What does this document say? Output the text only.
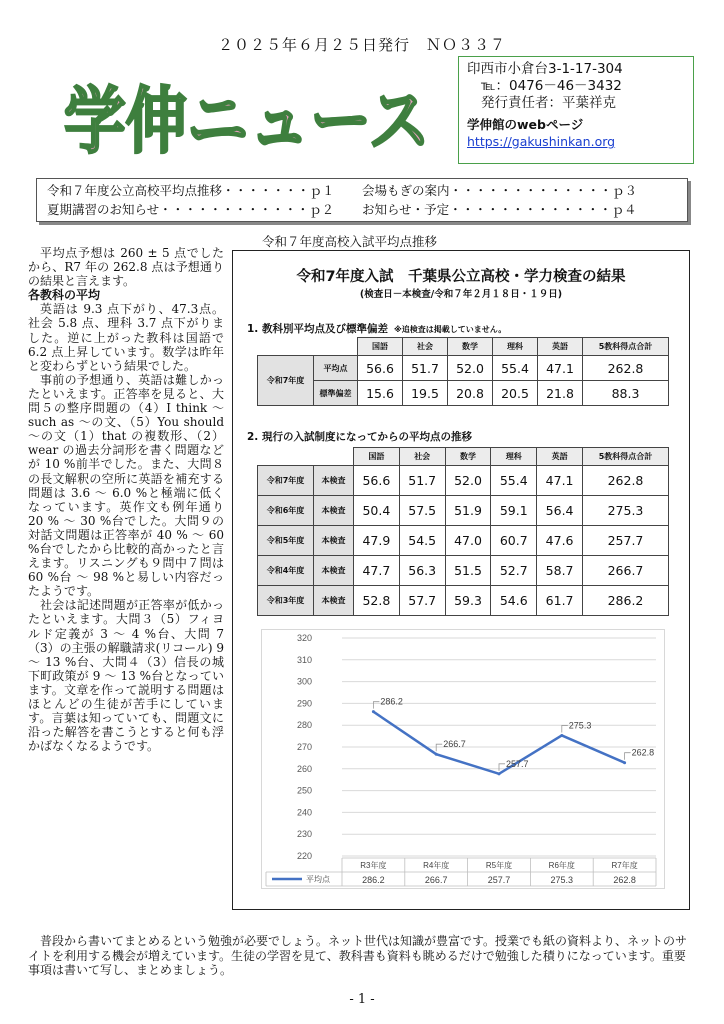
２０２５年６月２５日発行　ＮＯ３３７
学伸ニュース
印西市小倉台3-1-17-304
℡：0476－46－3432
発行責任者：平葉祥克
学伸館のwebページ
https://gakushinkan.org
令和７年度公立高校平均点推移・・・・・・・ｐ１	会場もぎの案内・・・・・・・・・・・・・ｐ３
夏期講習のお知らせ・・・・・・・・・・・・ｐ２	お知らせ・予定・・・・・・・・・・・・・ｐ４
令和７年度高校入試平均点推移

平均点予想は 260 ± 5 点でしたから、R7 年の 262.8 点は予想通りの結果と言えます。

各教科の平均

英語は 9.3 点下がり、47.3点。社会 5.8 点、理科 3.7 点下がりました。逆に上がった教科は国語で 6.2 点上昇しています。数学は昨年と変わらずという結果でした。

事前の予想通り、英語は難しかったといえます。正答率を見ると、大問５の整序問題の（4）I think ～ such as ～の文、（5）You should ～の文（1）that の複数形、（2）wear の過去分詞形を書く問題などが 10 %前半でした。また、大問８の長文解釈の空所に英語を補充する問題は 3.6 ～ 6.0 %と極端に低くなっています。英作文も例年通り 20 % ～ 30 %台でした。大問９の対話文問題は正答率が 40 % ～ 60 %台でしたから比較的高かったと言えます。リスニングも９問中７問は 60 %台 ～ 98 %と易しい内容だったようです。

社会は記述問題が正答率が低かったといえます。大問３（5）フィヨルド定義が 3 ～ 4 %台、大問 7（3）の主張の解職請求(リコール) 9 ～ 13 %台、大問４（3）信長の城下町政策が 9 ～ 13 %台となっています。文章を作って説明する問題はほとんどの生徒が苦手にしています。言葉は知っていても、問題文に沿った解答を書こうとすると何も浮かばなくなるようです。

令和7年度入試　千葉県公立高校・学力検査の結果
(検査日－本検査/令和７年２月１８日・１９日)
1. 教科別平均点及び標準偏差 ※追検査は掲載していません。
		国語	社会	数学	理科	英語	5教科得点合計
令和7年度	平均点	56.6	51.7	52.0	55.4	47.1	262.8
	標準偏差	15.6	19.5	20.8	20.5	21.8	88.3
2. 現行の入試制度になってからの平均点の推移
		国語	社会	数学	理科	英語	5教科得点合計
令和7年度	本検査	56.6	51.7	52.0	55.4	47.1	262.8
令和6年度	本検査	50.4	57.5	51.9	59.1	56.4	275.3
令和5年度	本検査	47.9	54.5	47.0	60.7	47.6	257.7
令和4年度	本検査	47.7	56.3	51.5	52.7	58.7	266.7
令和3年度	本検査	52.8	57.7	59.3	54.6	61.7	286.2
220
230
240
250
260
270
280
290
300
310
320
286.2
266.7
257.7
275.3
262.8
R3年度
286.2
R4年度
266.7
R5年度
257.7
R6年度
275.3
R7年度
262.8
平均点
普段から書いてまとめるという勉強が必要でしょう。ネット世代は知識が豊富です。授業でも紙の資料より、ネットのサイトを利用する機会が増えています。生徒の学習を見て、教科書も資料も眺めるだけで勉強した積りになっています。重要事項は書いて写し、まとめましょう。
- 1 -
